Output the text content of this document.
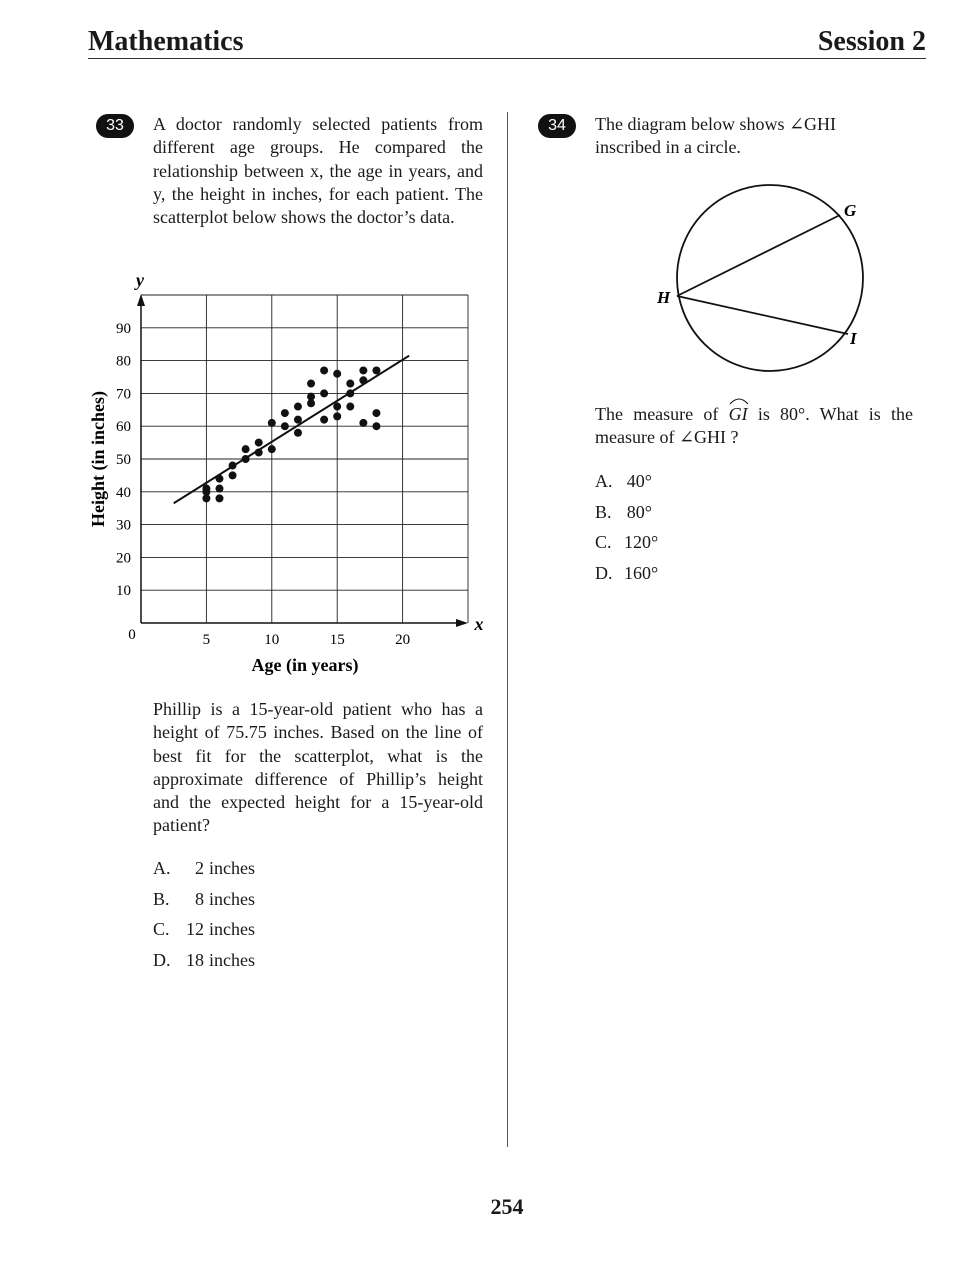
Mathematics	Session 2
33	A doctor randomly selected patients from different age groups. He compared the relationship between x, the age in years, and y, the height in inches, for each patient. The scatterplot below shows the doctor’s data.

5	10	15	20
10
20
30
40
50
60
70
80
90
y
x
0
Age (in years)
Height (in inches)

Phillip is a 15-year-old patient who has a height of 75.75 inches. Based on the line of best fit for the scatterplot, what is the approximate difference of Phillip’s height and the expected height for a 15-year-old patient?

A. 2 inches
B. 8 inches
C. 12 inches
D. 18 inches
34	The diagram below shows ∠GHI inscribed in a circle.

G
H
I

The measure of GI is 80°. What is the measure of ∠GHI ?

A. 40°
B. 80°
C. 120°
D. 160°
254
